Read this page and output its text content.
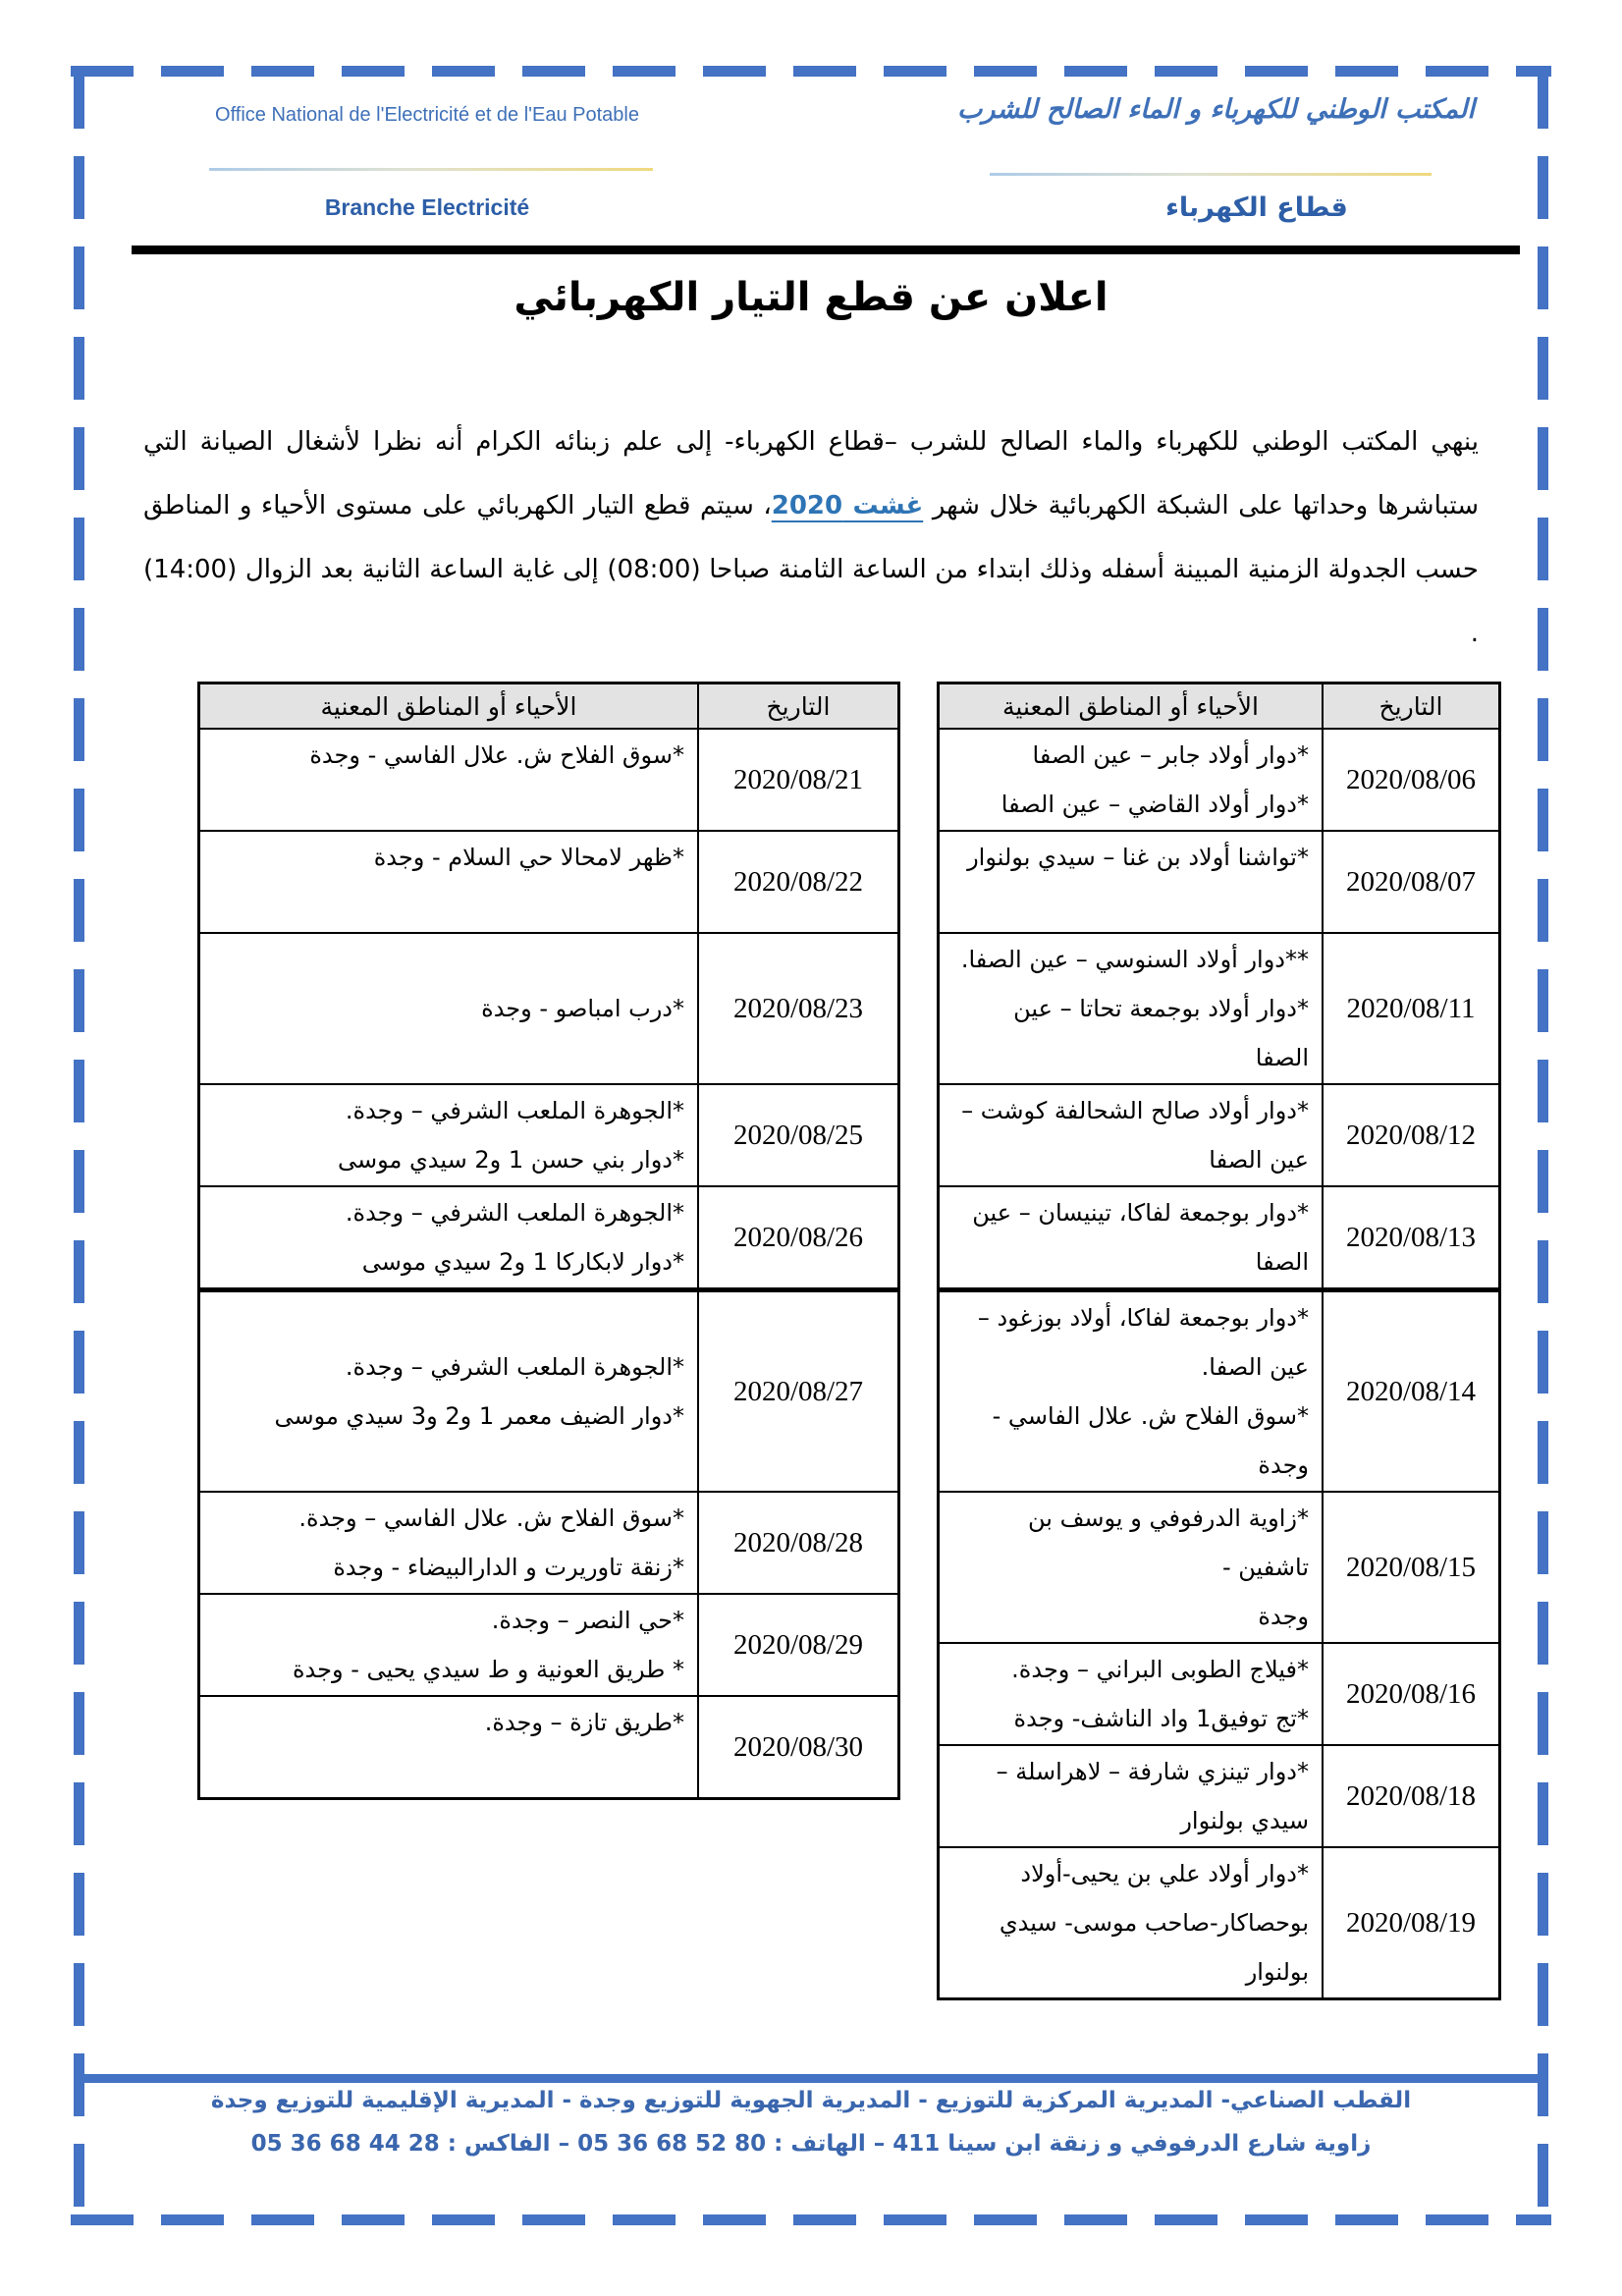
Office National de l'Electricité et de l'Eau Potable	المكتب الوطني للكهرباء و الماء الصالح للشرب
Branche Electricité	قطاع الكهرباء
اعلان عن قطع التيار الكهربائي

ينهي المكتب الوطني للكهرباء والماء الصالح للشرب –قطاع الكهرباء- إلى علم زبنائه الكرام أنه نظرا لأشغال الصيانة التي ستباشرها وحداتها على الشبكة الكهربائية خلال شهر غشت 2020، سيتم قطع التيار الكهربائي على مستوى الأحياء و المناطق حسب الجدولة الزمنية المبينة أسفله وذلك ابتداء من الساعة الثامنة صباحا (08:00) إلى غاية الساعة الثانية بعد الزوال (14:00) .

التاريخ	الأحياء أو المناطق المعنية
2020/08/21	*سوق الفلاح ش. علال الفاسي - وجدة

2020/08/22	*ظهر لامحالا حي السلام - وجدة

2020/08/23	*درب امباصو - وجدة

2020/08/25	*الجوهرة الملعب الشرفي – وجدة.
*دوار بني حسن 1 و2 سيدي موسى

2020/08/26	*الجوهرة الملعب الشرفي – وجدة.
*دوار لابكاركا 1 و2 سيدي موسى

2020/08/27	*الجوهرة الملعب الشرفي – وجدة.
*دوار الضيف معمر 1 و2 و3 سيدي موسى

2020/08/28	*سوق الفلاح ش. علال الفاسي – وجدة.
*زنقة تاوريرت و الدارالبيضاء - وجدة

2020/08/29	*حي النصر – وجدة.
* طريق العونية و ط سيدي يحيى - وجدة

2020/08/30	*طريق تازة – وجدة.

التاريخ	الأحياء أو المناطق المعنية
2020/08/06	*دوار أولاد جابر – عين الصفا
*دوار أولاد القاضي – عين الصفا

2020/08/07	*تواشنا أولاد بن غنا – سيدي بولنوار

2020/08/11	**دوار أولاد السنوسي – عين الصفا.
*دوار أولاد بوجمعة تحاتا – عين
الصفا

2020/08/12	*دوار أولاد صالح الشحالفة كوشت –
عين الصفا

2020/08/13	*دوار بوجمعة لفاكا، تينيسان – عين
الصفا

2020/08/14	*دوار بوجمعة لفاكا، أولاد بوزغود –
عين الصفا.
*سوق الفلاح ش. علال الفاسي -
وجدة

2020/08/15	*زاوية الدرفوفي و يوسف بن تاشفين -
وجدة

2020/08/16	*فيلاج الطوبى البراني – وجدة.
*تج توفيق1 واد الناشف- وجدة

2020/08/18	*دوار تينزي شارفة – لاهراسلة –
سيدي بولنوار

2020/08/19	*دوار أولاد علي بن يحيى-أولاد
بوحصاكار-صاحب موسى- سيدي
بولنوار
القطب الصناعي- المديرية المركزية للتوزيع - المديرية الجهوية للتوزيع وجدة - المديرية الإقليمية للتوزيع وجدة
زاوية شارع الدرفوفي و زنقة ابن سينا 411 – الهاتف : 05 36 68 52 80 – الفاكس : 05 36 68 44 28
